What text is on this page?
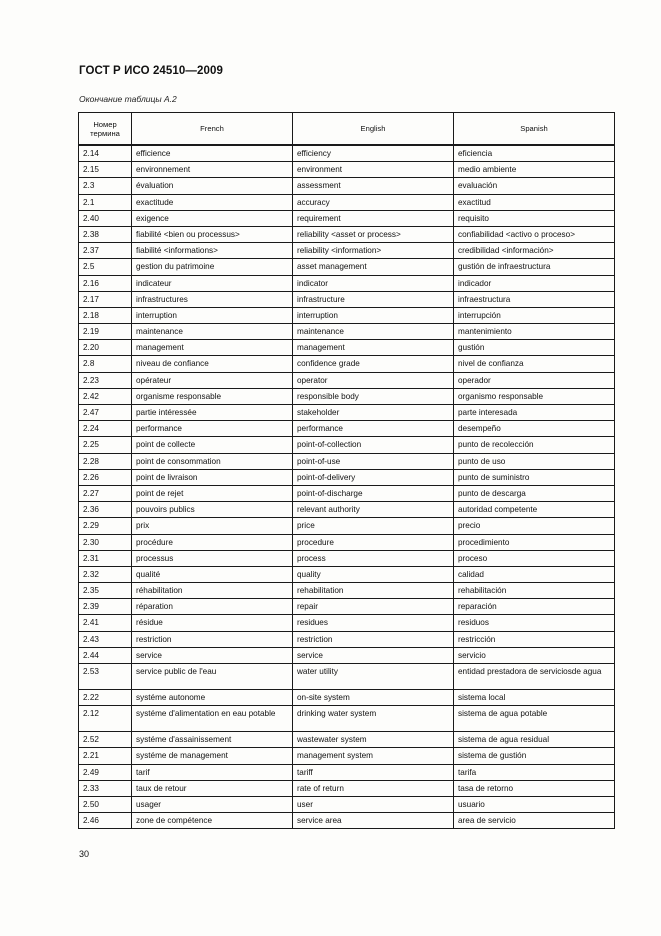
ГОСТ Р ИСО 24510—2009
Окончание таблицы А.2
Номер
термина	French	English	Spanish
2.14	efficience	efficiency	eficiencia
2.15	environnement	environment	medio ambiente
2.3	évaluation	assessment	evaluación
2.1	exactitude	accuracy	exactitud
2.40	exigence	requirement	requisito
2.38	fiabilité <bien ou processus>	reliability <asset or process>	confiabilidad <activo o proceso>
2.37	fiabilité <informations>	reliability <information>	credibilidad <información>
2.5	gestion du patrimoine	asset management	gustión de infraestructura
2.16	indicateur	indicator	indicador
2.17	infrastructures	infrastructure	infraestructura
2.18	interruption	interruption	interrupción
2.19	maintenance	maintenance	mantenimiento
2.20	management	management	gustión
2.8	niveau de confiance	confidence grade	nivel de confianza
2.23	opérateur	operator	operador
2.42	organisme responsable	responsible body	organismo responsable
2.47	partie intéressée	stakeholder	parte interesada
2.24	performance	performance	desempeño
2.25	point de collecte	point-of-collection	punto de recolección
2.28	point de consommation	point-of-use	punto de uso
2.26	point de livraison	point-of-delivery	punto de suministro
2.27	point de rejet	point-of-discharge	punto de descarga
2.36	pouvoirs publics	relevant authority	autoridad competente
2.29	prix	price	precio
2.30	procédure	procedure	procedimiento
2.31	processus	process	proceso
2.32	qualité	quality	calidad
2.35	réhabilitation	rehabilitation	rehabilitación
2.39	réparation	repair	reparación
2.41	résidue	residues	residuos
2.43	restriction	restriction	restricción
2.44	service	service	servicio
2.53	service public de l'eau	water utility	entidad prestadora de serviciosde agua
2.22	systéme autonome	on-site system	sistema local
2.12	systéme d'alimentation en eau potable	drinking water system	sistema de agua potable
2.52	systéme d'assainissement	wastewater system	sistema de agua residual
2.21	systéme de management	management system	sistema de gustión
2.49	tarif	tariff	tarifa
2.33	taux de retour	rate of return	tasa de retorno
2.50	usager	user	usuario
2.46	zone de compétence	service area	area de servicio
30
